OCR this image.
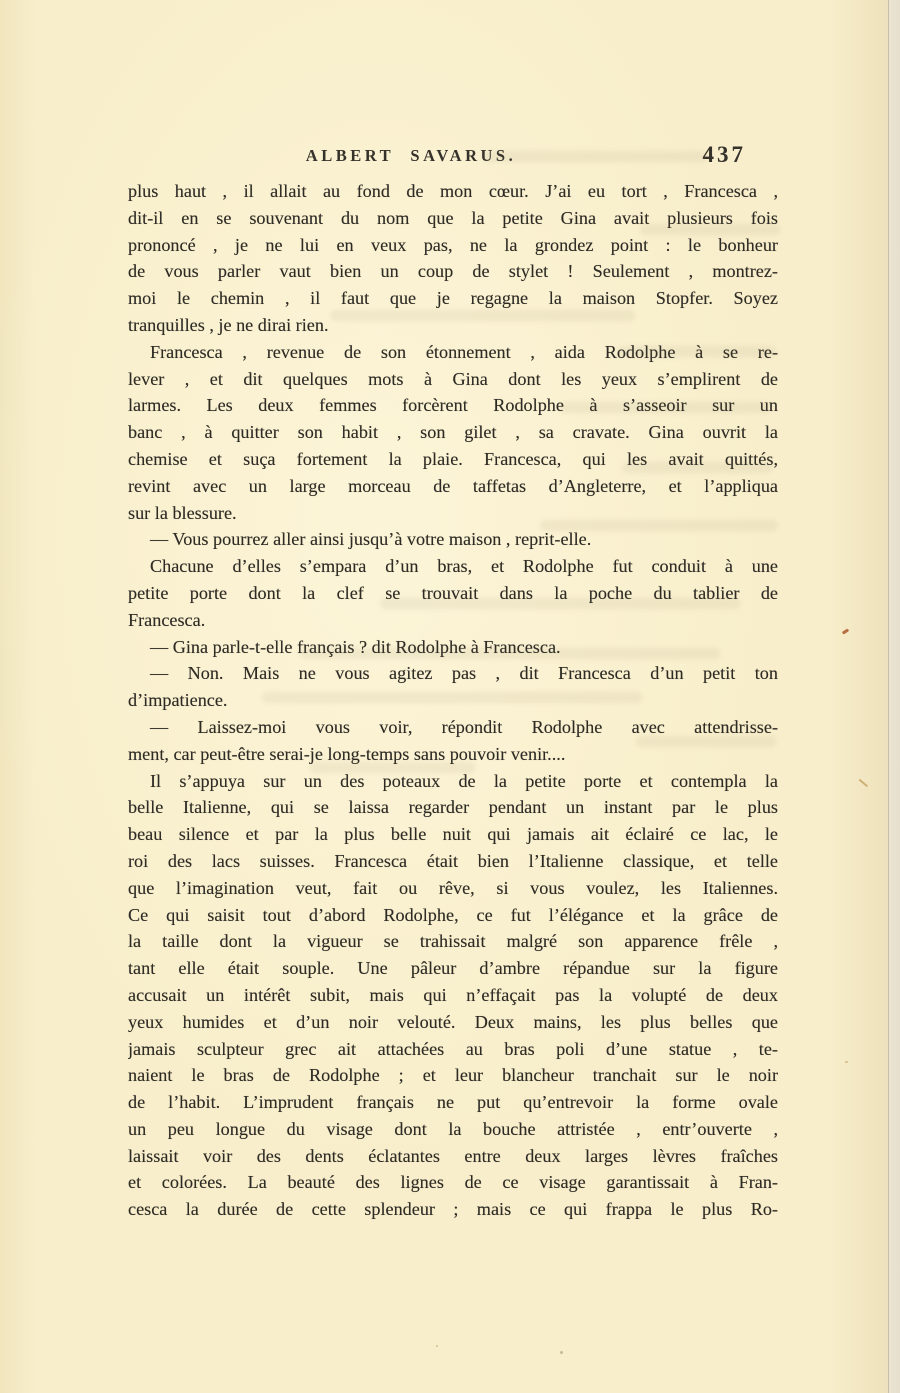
ALBERT SAVARUS.	437
plus haut , il allait au fond de mon cœur. J’ai eu tort , Francesca ,
dit-il en se souvenant du nom que la petite Gina avait plusieurs fois
prononcé , je ne lui en veux pas, ne la grondez point : le bonheur
de vous parler vaut bien un coup de stylet ! Seulement , montrez-
moi le chemin , il faut que je regagne la maison Stopfer. Soyez
tranquilles , je ne dirai rien.
Francesca , revenue de son étonnement , aida Rodolphe à se re-
lever , et dit quelques mots à Gina dont les yeux s’emplirent de
larmes. Les deux femmes forcèrent Rodolphe à s’asseoir sur un
banc , à quitter son habit , son gilet , sa cravate. Gina ouvrit la
chemise et suça fortement la plaie. Francesca, qui les avait quittés,
revint avec un large morceau de taffetas d’Angleterre, et l’appliqua
sur la blessure.
— Vous pourrez aller ainsi jusqu’à votre maison , reprit-elle.
Chacune d’elles s’empara d’un bras, et Rodolphe fut conduit à une
petite porte dont la clef se trouvait dans la poche du tablier de
Francesca.
— Gina parle-t-elle français ? dit Rodolphe à Francesca.
— Non. Mais ne vous agitez pas , dit Francesca d’un petit ton
d’impatience.
— Laissez-moi vous voir, répondit Rodolphe avec attendrisse-
ment, car peut-être serai-je long-temps sans pouvoir venir....
Il s’appuya sur un des poteaux de la petite porte et contempla la
belle Italienne, qui se laissa regarder pendant un instant par le plus
beau silence et par la plus belle nuit qui jamais ait éclairé ce lac, le
roi des lacs suisses. Francesca était bien l’Italienne classique, et telle
que l’imagination veut, fait ou rêve, si vous voulez, les Italiennes.
Ce qui saisit tout d’abord Rodolphe, ce fut l’élégance et la grâce de
la taille dont la vigueur se trahissait malgré son apparence frêle ,
tant elle était souple. Une pâleur d’ambre répandue sur la figure
accusait un intérêt subit, mais qui n’effaçait pas la volupté de deux
yeux humides et d’un noir velouté. Deux mains, les plus belles que
jamais sculpteur grec ait attachées au bras poli d’une statue , te-
naient le bras de Rodolphe ; et leur blancheur tranchait sur le noir
de l’habit. L’imprudent français ne put qu’entrevoir la forme ovale
un peu longue du visage dont la bouche attristée , entr’ouverte ,
laissait voir des dents éclatantes entre deux larges lèvres fraîches
et colorées. La beauté des lignes de ce visage garantissait à Fran-
cesca la durée de cette splendeur ; mais ce qui frappa le plus Ro-
